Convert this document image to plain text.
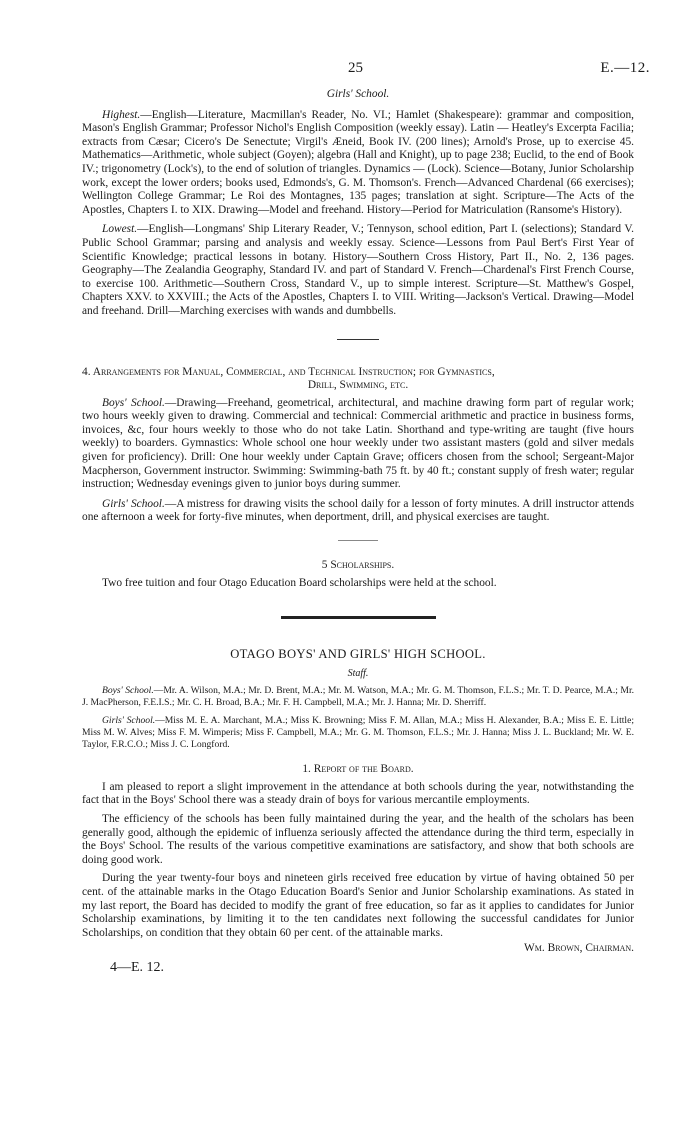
25	E.—12.

Girls' School.

Highest.—English—Literature, Macmillan's Reader, No. VI.; Hamlet (Shakespeare): grammar and composition, Mason's English Grammar; Professor Nichol's English Composition (weekly essay). Latin — Heatley's Excerpta Facilia; extracts from Cæsar; Cicero's De Senectute; Virgil's Æneid, Book IV. (200 lines); Arnold's Prose, up to exercise 45. Mathematics—Arithmetic, whole subject (Goyen); algebra (Hall and Knight), up to page 238; Euclid, to the end of Book IV.; trigonometry (Lock's), to the end of solution of triangles. Dynamics — (Lock). Science—Botany, Junior Scholarship work, except the lower orders; books used, Edmonds's, G. M. Thomson's. French—Advanced Chardenal (66 exercises); Wellington College Grammar; Le Roi des Montagnes, 135 pages; translation at sight. Scripture—The Acts of the Apostles, Chapters I. to XIX. Drawing—Model and freehand. History—Period for Matriculation (Ransome's History).

Lowest.—English—Longmans' Ship Literary Reader, V.; Tennyson, school edition, Part I. (selections); Standard V. Public School Grammar; parsing and analysis and weekly essay. Science—Lessons from Paul Bert's First Year of Scientific Knowledge; practical lessons in botany. History—Southern Cross History, Part II., No. 2, 136 pages. Geography—The Zealandia Geography, Standard IV. and part of Standard V. French—Chardenal's First French Course, to exercise 100. Arithmetic—Southern Cross, Standard V., up to simple interest. Scripture—St. Matthew's Gospel, Chapters XXV. to XXVIII.; the Acts of the Apostles, Chapters I. to VIII. Writing—Jackson's Vertical. Drawing—Model and freehand. Drill—Marching exercises with wands and dumbbells.

4. Arrangements for Manual, Commercial, and Technical Instruction; for Gymnastics,

Drill, Swimming, etc.

Boys' School.—Drawing—Freehand, geometrical, architectural, and machine drawing form part of regular work; two hours weekly given to drawing. Commercial and technical: Commercial arithmetic and practice in business forms, invoices, &c, four hours weekly to those who do not take Latin. Shorthand and type-writing are taught (five hours weekly) to boarders. Gymnastics: Whole school one hour weekly under two assistant masters (gold and silver medals given for proficiency). Drill: One hour weekly under Captain Grave; officers chosen from the school; Sergeant-Major Macpherson, Government instructor. Swimming: Swimming-bath 75 ft. by 40 ft.; constant supply of fresh water; regular instruction; Wednesday evenings given to junior boys during summer.

Girls' School.—A mistress for drawing visits the school daily for a lesson of forty minutes. A drill instructor attends one afternoon a week for forty-five minutes, when deportment, drill, and physical exercises are taught.

5 Scholarships.

Two free tuition and four Otago Education Board scholarships were held at the school.

OTAGO BOYS' AND GIRLS' HIGH SCHOOL.

Staff.

Boys' School.—Mr. A. Wilson, M.A.; Mr. D. Brent, M.A.; Mr. M. Watson, M.A.; Mr. G. M. Thomson, F.L.S.; Mr. T. D. Pearce, M.A.; Mr. J. MacPherson, F.E.I.S.; Mr. C. H. Broad, B.A.; Mr. F. H. Campbell, M.A.; Mr. J. Hanna; Mr. D. Sherriff.

Girls' School.—Miss M. E. A. Marchant, M.A.; Miss K. Browning; Miss F. M. Allan, M.A.; Miss H. Alexander, B.A.; Miss E. E. Little; Miss M. W. Alves; Miss F. M. Wimperis; Miss F. Campbell, M.A.; Mr. G. M. Thomson, F.L.S.; Mr. J. Hanna; Miss J. L. Buckland; Mr. W. E. Taylor, F.R.C.O.; Miss J. C. Longford.

1. Report of the Board.

I am pleased to report a slight improvement in the attendance at both schools during the year, notwithstanding the fact that in the Boys' School there was a steady drain of boys for various mercantile employments.

The efficiency of the schools has been fully maintained during the year, and the health of the scholars has been generally good, although the epidemic of influenza seriously affected the attendance during the third term, especially in the Boys' School. The results of the various competitive examinations are satisfactory, and show that both schools are doing good work.

During the year twenty-four boys and nineteen girls received free education by virtue of having obtained 50 per cent. of the attainable marks in the Otago Education Board's Senior and Junior Scholarship examinations. As stated in my last report, the Board has decided to modify the grant of free education, so far as it applies to candidates for Junior Scholarship examinations, by limiting it to the ten candidates next following the successful candidates for Junior Scholarships, on condition that they obtain 60 per cent. of the attainable marks.

Wm. Brown, Chairman.

4—E. 12.
